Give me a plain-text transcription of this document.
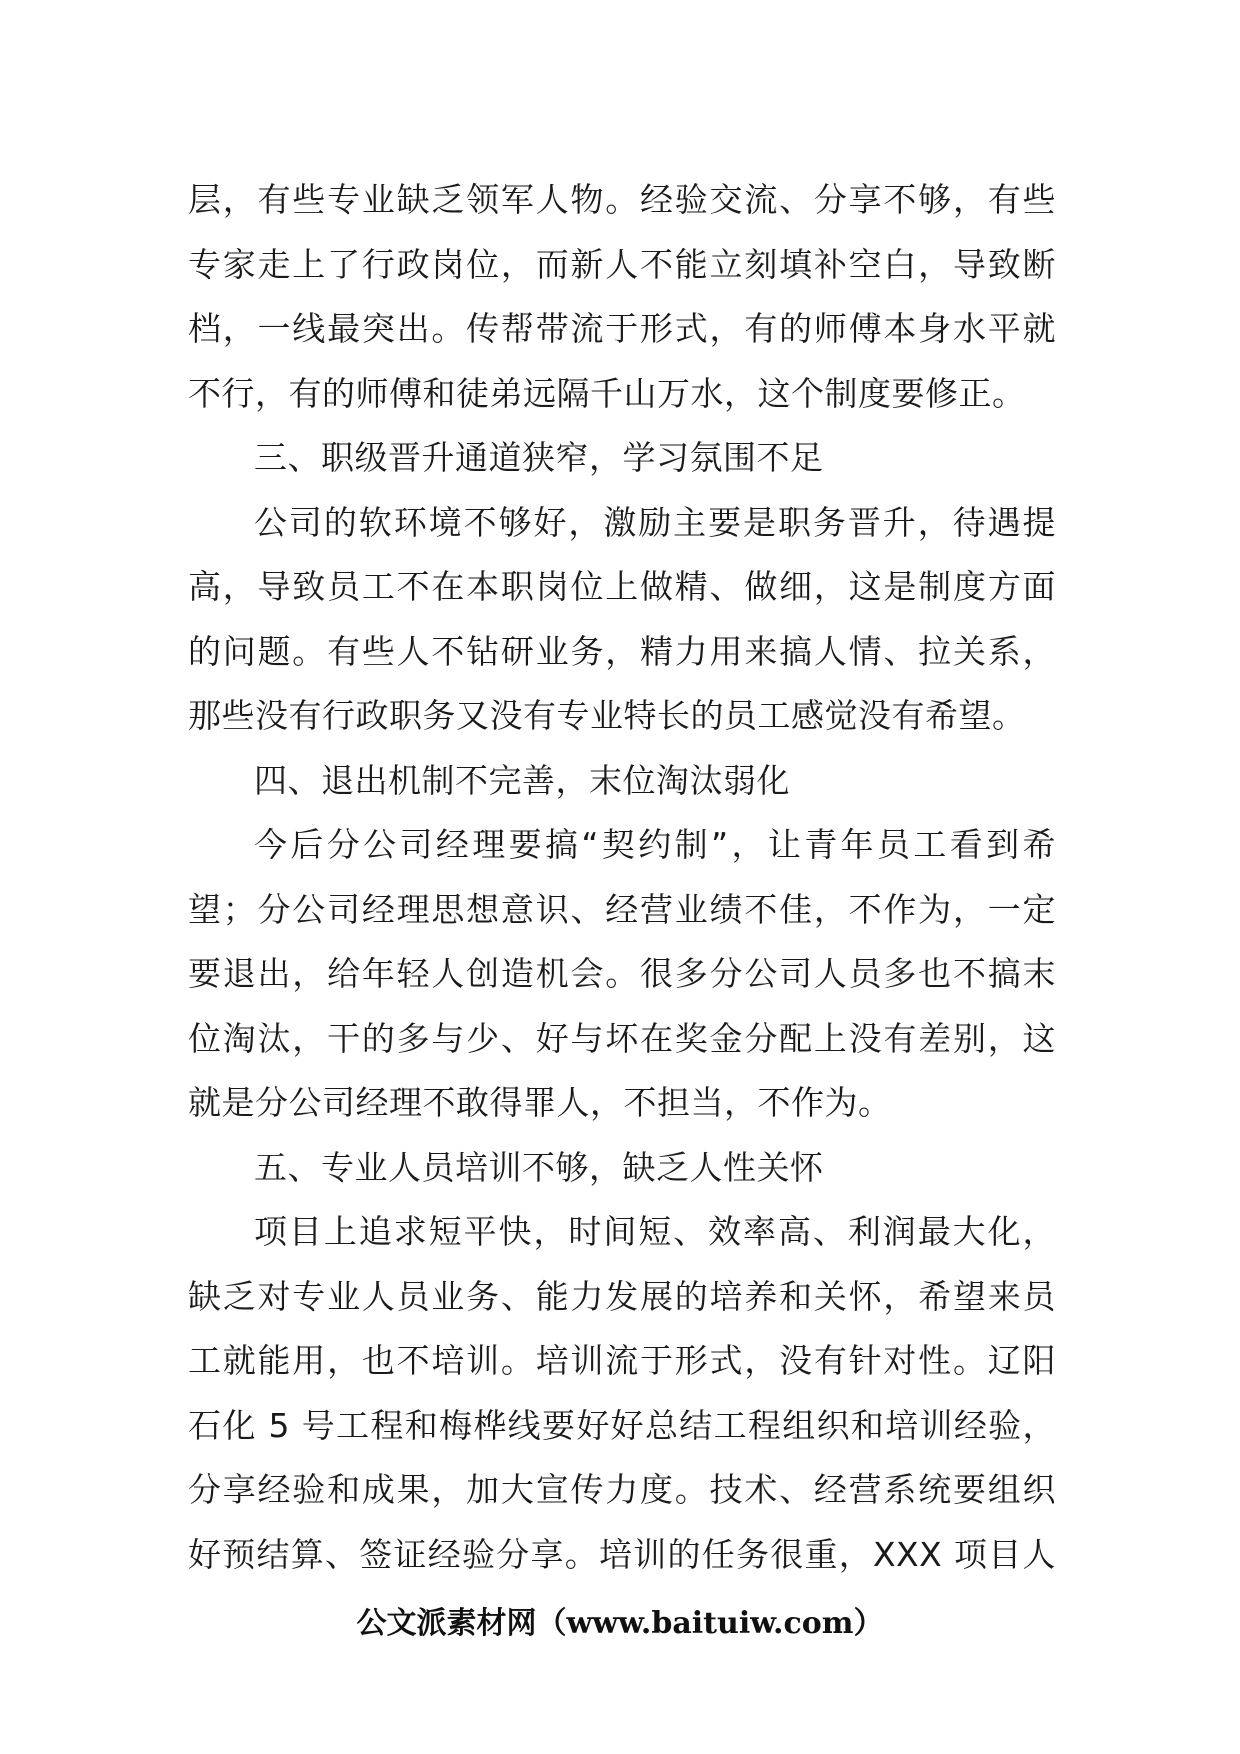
层，有些专业缺乏领军人物。经验交流、分享不够，有些
专家走上了行政岗位，而新人不能立刻填补空白，导致断
档，一线最突出。传帮带流于形式，有的师傅本身水平就
不行，有的师傅和徒弟远隔千山万水，这个制度要修正。
三、职级晋升通道狭窄，学习氛围不足
公司的软环境不够好，激励主要是职务晋升，待遇提
高，导致员工不在本职岗位上做精、做细，这是制度方面
的问题。有些人不钻研业务，精力用来搞人情、拉关系，
那些没有行政职务又没有专业特长的员工感觉没有希望。
四、退出机制不完善，末位淘汰弱化
今后分公司经理要搞“契约制”，让青年员工看到希
望；分公司经理思想意识、经营业绩不佳，不作为，一定
要退出，给年轻人创造机会。很多分公司人员多也不搞末
位淘汰，干的多与少、好与坏在奖金分配上没有差别，这
就是分公司经理不敢得罪人，不担当，不作为。
五、专业人员培训不够，缺乏人性关怀
项目上追求短平快，时间短、效率高、利润最大化，
缺乏对专业人员业务、能力发展的培养和关怀，希望来员
工就能用，也不培训。培训流于形式，没有针对性。辽阳
石化 5 号工程和梅桦线要好好总结工程组织和培训经验，
分享经验和成果，加大宣传力度。技术、经营系统要组织
好预结算、签证经验分享。培训的任务很重，XXX 项目人
公文派素材网（www.baituiw.com）
